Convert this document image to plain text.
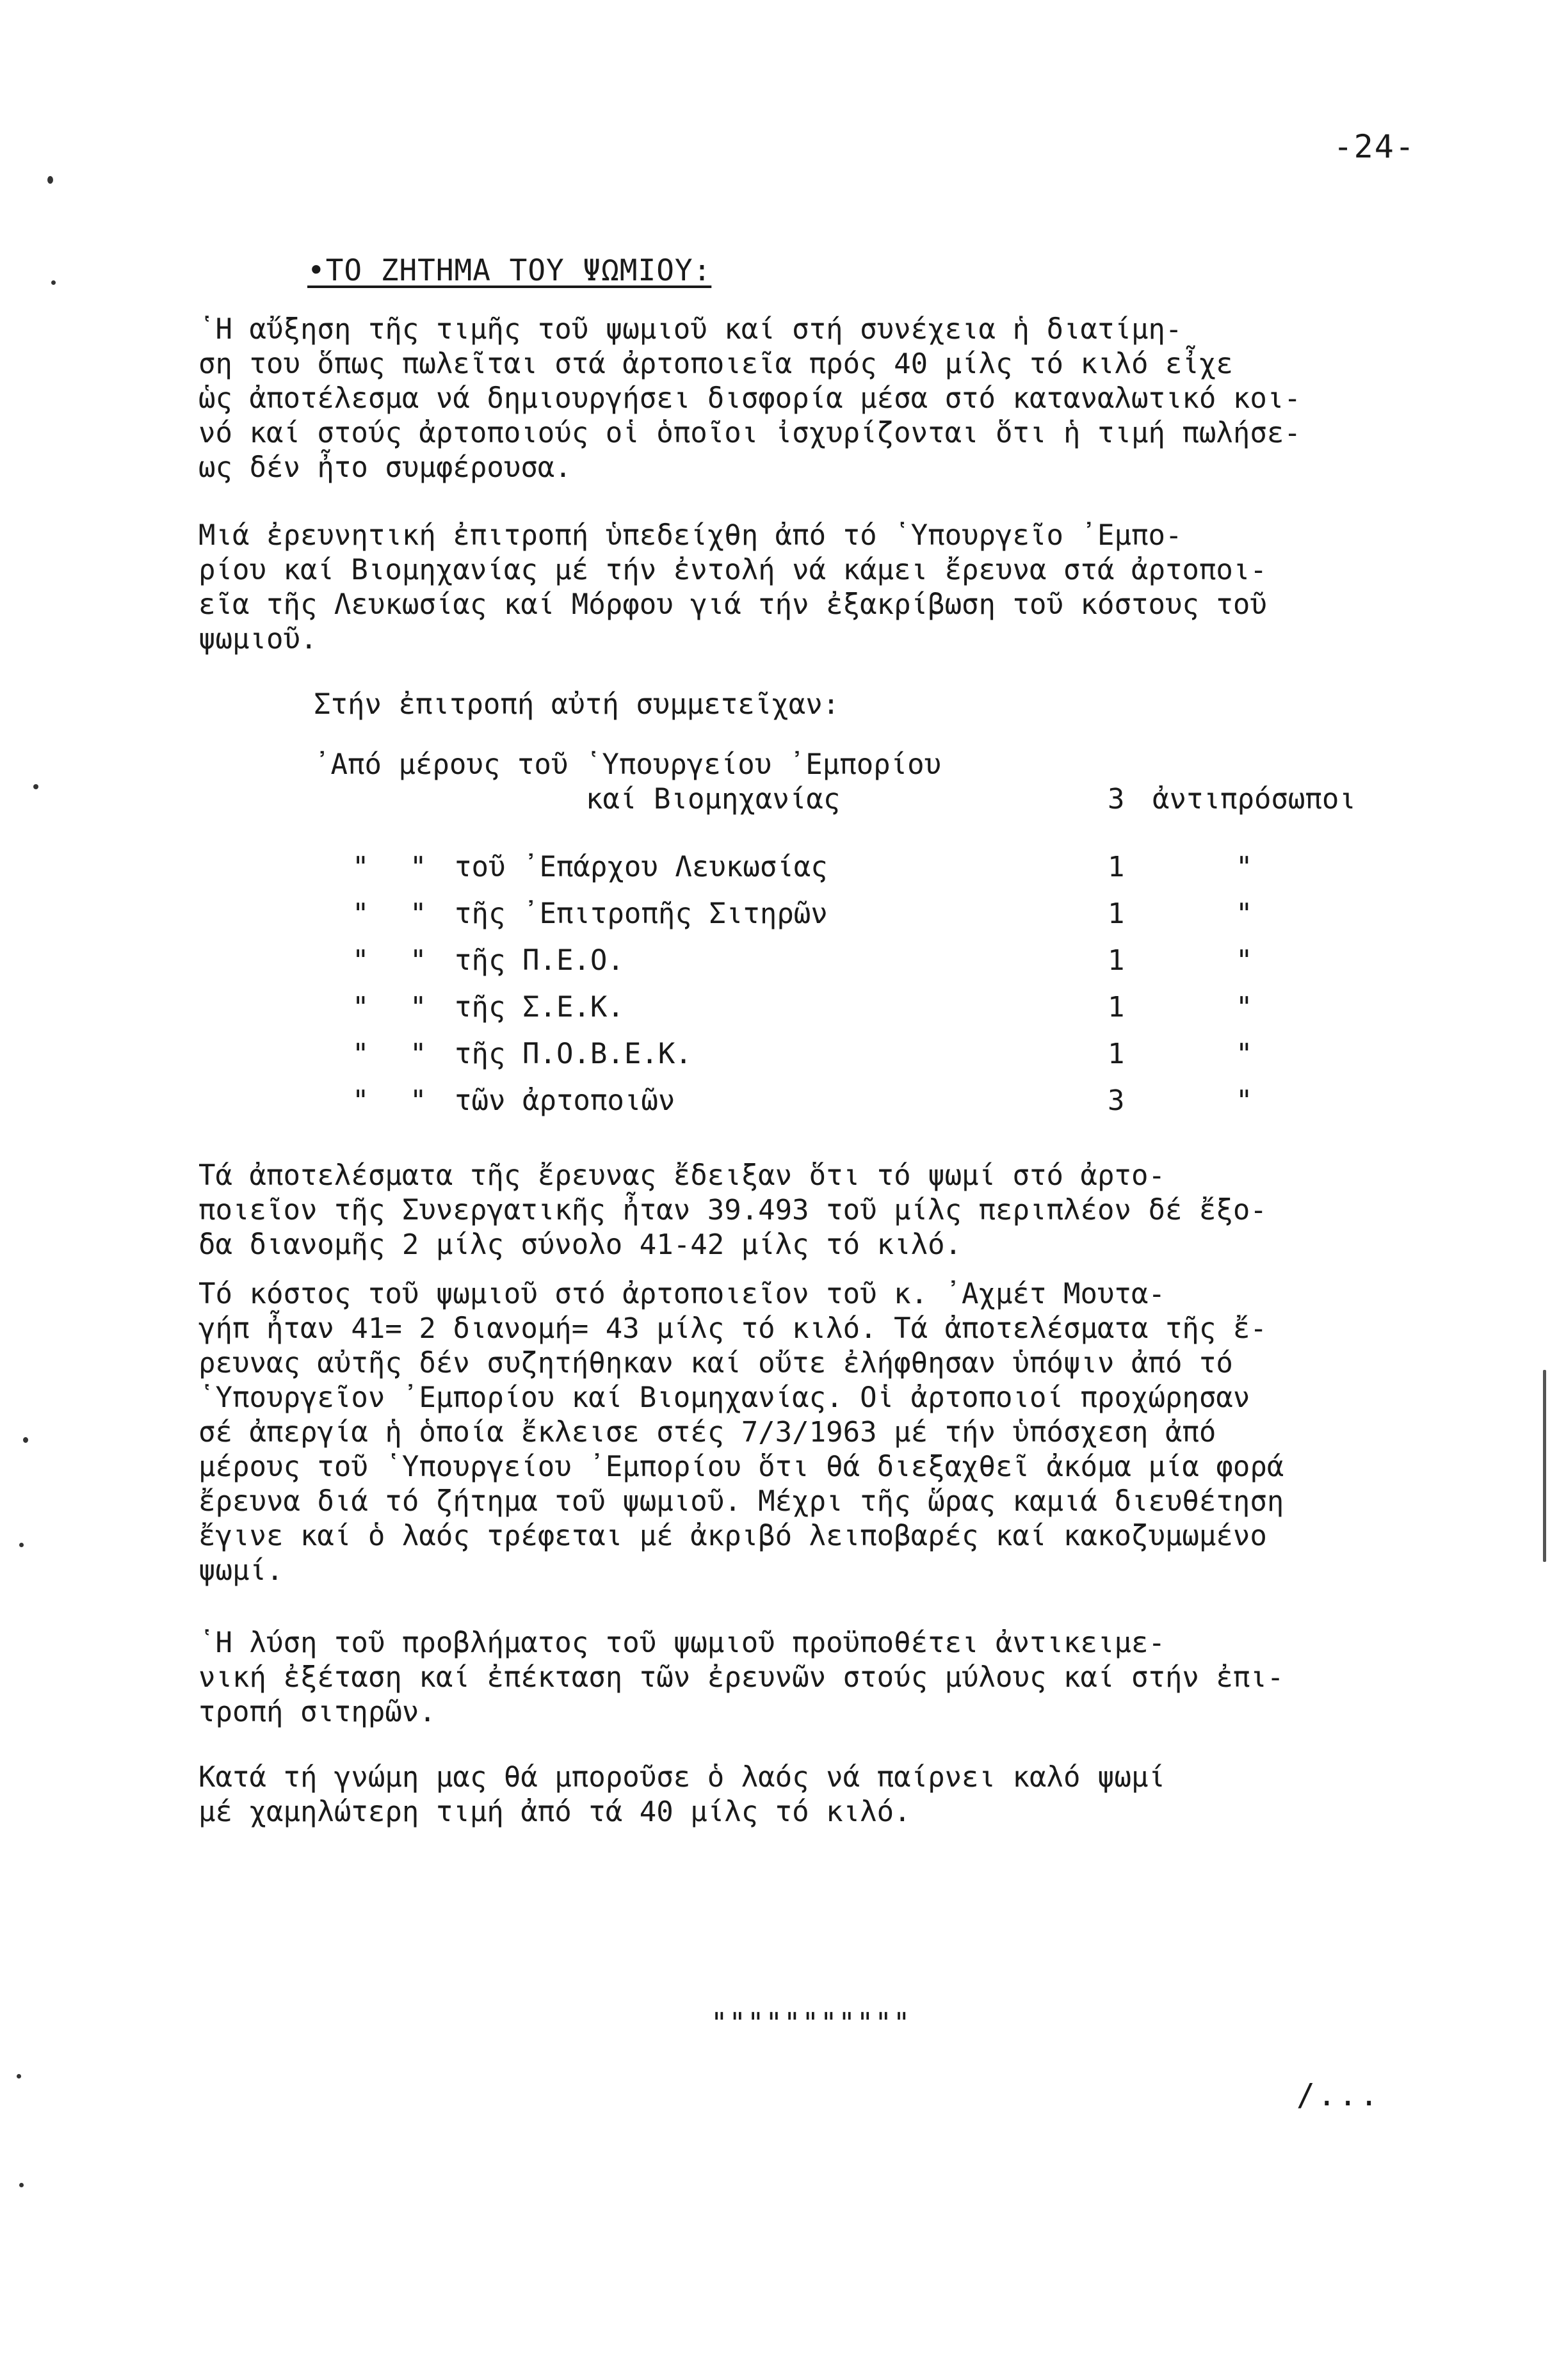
-24-
•ΤΟ ΖΗΤΗΜΑ ΤΟΥ ΨΩΜΙΟΥ:
῾Η αὔξηση τῆς τιμῆς τοῦ ψωμιοῦ καί στή συνέχεια ἡ διατίμη-
ση του ὅπως πωλεῖται στά ἀρτοποιεῖα πρός 40 μίλς τό κιλό εἶχε
ὡς ἀποτέλεσμα νά δημιουργήσει δισφορία μέσα στό καταναλωτικό κοι-
νό καί στούς ἀρτοποιούς οἱ ὁποῖοι ἰσχυρίζονται ὅτι ἡ τιμή πωλήσε-
ως δέν ἦτο συμφέρουσα.
Μιά ἐρευνητική ἐπιτροπή ὑπεδείχθη ἀπό τό ῾Υπουργεῖο ᾿Εμπο-
ρίου καί Βιομηχανίας μέ τήν ἐντολή νά κάμει ἔρευνα στά ἀρτοποι-
εῖα τῆς Λευκωσίας καί Μόρφου γιά τήν ἐξακρίβωση τοῦ κόστους τοῦ
ψωμιοῦ.
Στήν ἐπιτροπή αὐτή συμμετεῖχαν:
᾿Από μέρους τοῦ ῾Υπουργείου ᾿Εμπορίου
καί Βιομηχανίας	3 ἀντιπρόσωποι
"	" τοῦ ᾿Επάρχου Λευκωσίας	1	"
"	" τῆς ᾿Επιτροπῆς Σιτηρῶν	1	"
"	" τῆς Π.Ε.Ο.	1	"
"	" τῆς Σ.Ε.Κ.	1	"
"	" τῆς Π.Ο.Β.Ε.Κ.	1	"
"	" τῶν ἀρτοποιῶν	3	"
Τά ἀποτελέσματα τῆς ἔρευνας ἔδειξαν ὅτι τό ψωμί στό ἀρτο-
ποιεῖον τῆς Συνεργατικῆς ἦταν 39.493 τοῦ μίλς περιπλέον δέ ἔξο-
δα διανομῆς 2 μίλς σύνολο 41-42 μίλς τό κιλό.
Τό κόστος τοῦ ψωμιοῦ στό ἀρτοποιεῖον τοῦ κ. ᾿Αχμέτ Μουτα-
γήπ ἦταν 41= 2 διανομή= 43 μίλς τό κιλό. Τά ἀποτελέσματα τῆς ἔ-
ρευνας αὐτῆς δέν συζητήθηκαν καί οὔτε ἐλήφθησαν ὑπόψιν ἀπό τό
῾Υπουργεῖον ᾿Εμπορίου καί Βιομηχανίας. Οἱ ἀρτοποιοί προχώρησαν
σέ ἀπεργία ἡ ὁποία ἔκλεισε στές 7/3/1963 μέ τήν ὑπόσχεση ἀπό
μέρους τοῦ ῾Υπουργείου ᾿Εμπορίου ὅτι θά διεξαχθεῖ ἀκόμα μία φορά
ἔρευνα διά τό ζήτημα τοῦ ψωμιοῦ. Μέχρι τῆς ὥρας καμιά διευθέτηση
ἔγινε καί ὁ λαός τρέφεται μέ ἀκριβό λειποβαρές καί κακοζυμωμένο
ψωμί.
῾Η λύση τοῦ προβλήματος τοῦ ψωμιοῦ προϋποθέτει ἀντικειμε-
νική ἐξέταση καί ἐπέκταση τῶν ἐρευνῶν στούς μύλους καί στήν ἐπι-
τροπή σιτηρῶν.
Κατά τή γνώμη μας θά μποροῦσε ὁ λαός νά παίρνει καλό ψωμί
μέ χαμηλώτερη τιμή ἀπό τά 40 μίλς τό κιλό.
"""""""""""
/...
